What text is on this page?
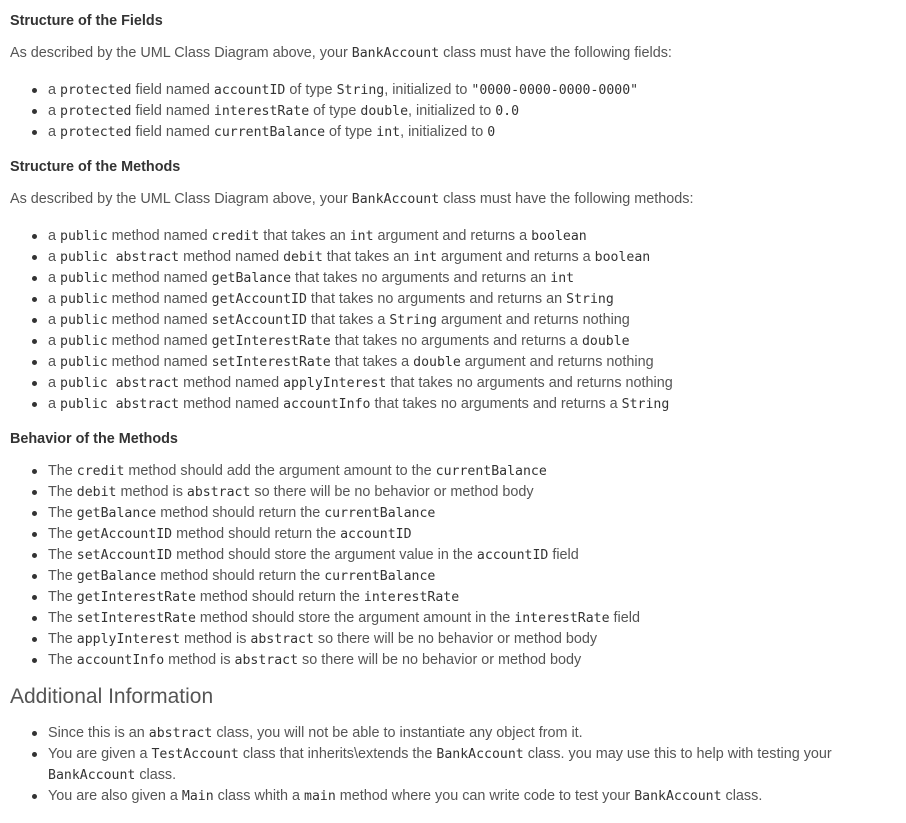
Structure of the Fields

As described by the UML Class Diagram above, your BankAccount class must have the following fields:

a protected field named accountID of type String, initialized to "0000-0000-0000-0000"
a protected field named interestRate of type double, initialized to 0.0
a protected field named currentBalance of type int, initialized to 0
Structure of the Methods

As described by the UML Class Diagram above, your BankAccount class must have the following methods:

a public method named credit that takes an int argument and returns a boolean
a public abstract method named debit that takes an int argument and returns a boolean
a public method named getBalance that takes no arguments and returns an int
a public method named getAccountID that takes no arguments and returns an String
a public method named setAccountID that takes a String argument and returns nothing
a public method named getInterestRate that takes no arguments and returns a double
a public method named setInterestRate that takes a double argument and returns nothing
a public abstract method named applyInterest that takes no arguments and returns nothing
a public abstract method named accountInfo that takes no arguments and returns a String
Behavior of the Methods
The credit method should add the argument amount to the currentBalance
The debit method is abstract so there will be no behavior or method body
The getBalance method should return the currentBalance
The getAccountID method should return the accountID
The setAccountID method should store the argument value in the accountID field
The getBalance method should return the currentBalance
The getInterestRate method should return the interestRate
The setInterestRate method should store the argument amount in the interestRate field
The applyInterest method is abstract so there will be no behavior or method body
The accountInfo method is abstract so there will be no behavior or method body
Additional Information
Since this is an abstract class, you will not be able to instantiate any object from it.
You are given a TestAccount class that inherits\extends the BankAccount class. you may use this to help with testing your BankAccount class.
You are also given a Main class whith a main method where you can write code to test your BankAccount class.
